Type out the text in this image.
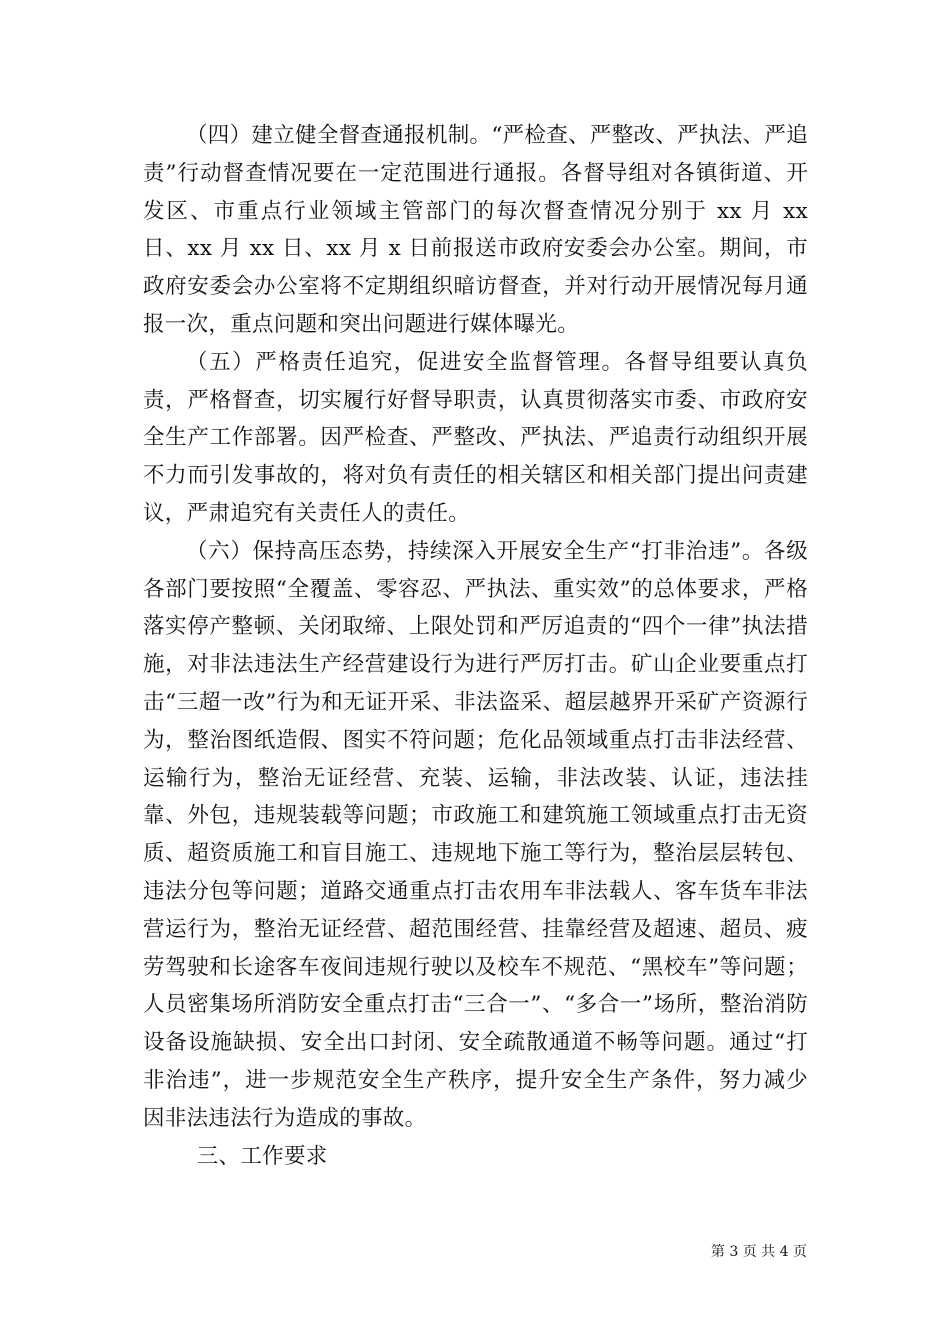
（四）建立健全督查通报机制。“严检查、严整改、严执法、严追责”行动督查情况要在一定范围进行通报。各督导组对各镇街道、开发区、市重点行业领域主管部门的每次督查情况分别于 xx 月 xx 日、xx 月 xx 日、xx 月 x 日前报送市政府安委会办公室。期间，市政府安委会办公室将不定期组织暗访督查，并对行动开展情况每月通报一次，重点问题和突出问题进行媒体曝光。

（五）严格责任追究，促进安全监督管理。各督导组要认真负责，严格督查，切实履行好督导职责，认真贯彻落实市委、市政府安全生产工作部署。因严检查、严整改、严执法、严追责行动组织开展不力而引发事故的，将对负有责任的相关辖区和相关部门提出问责建议，严肃追究有关责任人的责任。

（六）保持高压态势，持续深入开展安全生产“打非治违”。各级各部门要按照“全覆盖、零容忍、严执法、重实效”的总体要求，严格落实停产整顿、关闭取缔、上限处罚和严厉追责的“四个一律”执法措施，对非法违法生产经营建设行为进行严厉打击。矿山企业要重点打击“三超一改”行为和无证开采、非法盗采、超层越界开采矿产资源行为，整治图纸造假、图实不符问题；危化品领域重点打击非法经营、运输行为，整治无证经营、充装、运输，非法改装、认证，违法挂靠、外包，违规装载等问题；市政施工和建筑施工领域重点打击无资质、超资质施工和盲目施工、违规地下施工等行为，整治层层转包、违法分包等问题；道路交通重点打击农用车非法载人、客车货车非法营运行为，整治无证经营、超范围经营、挂靠经营及超速、超员、疲劳驾驶和长途客车夜间违规行驶以及校车不规范、“黑校车”等问题；人员密集场所消防安全重点打击“三合一”、“多合一”场所，整治消防设备设施缺损、安全出口封闭、安全疏散通道不畅等问题。通过“打非治违”，进一步规范安全生产秩序，提升安全生产条件，努力减少因非法违法行为造成的事故。

三、工作要求

第 3 页 共 4 页
